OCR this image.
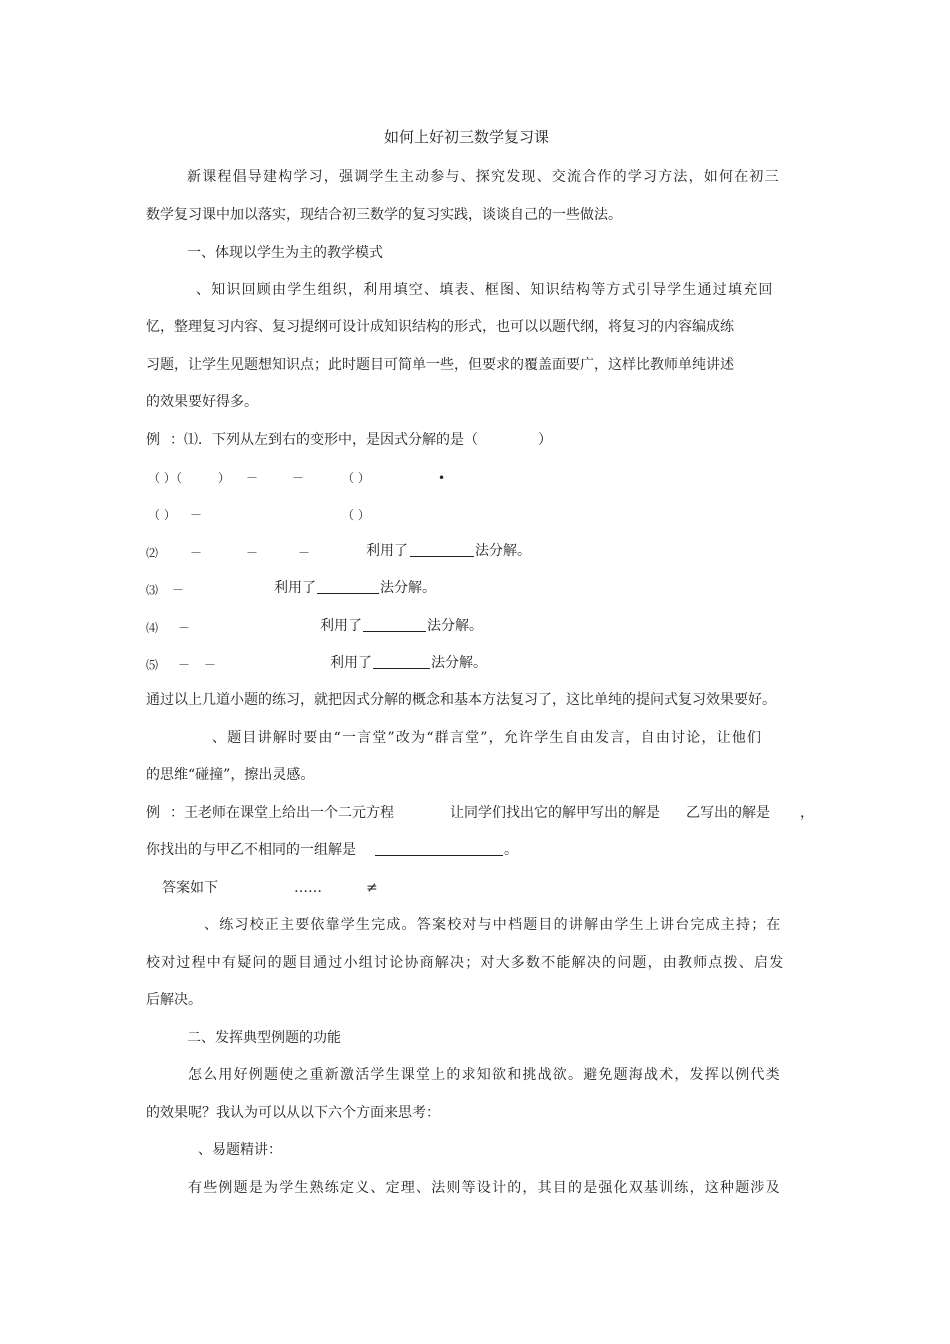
如何上好初三数学复习课
新课程倡导建构学习，强调学生主动参与、探究发现、交流合作的学习方法，如何在初三
数学复习课中加以落实，现结合初三数学的复习实践，谈谈自己的一些做法。
一、体现以学生为主的教学模式
、知识回顾由学生组织，利用填空、填表、框图、知识结构等方式引导学生通过填充回
忆，整理复习内容、复习提纲可设计成知识结构的形式，也可以以题代纲，将复习的内容编成练
习题，让学生见题想知识点；此时题目可简单一些，但要求的覆盖面要广，这样比教师单纯讲述
的效果要好得多。
例 ：⑴．下列从左到右的变形中，是因式分解的是（	）
（ ）（	） －	－	（ ）	•
（ ） －	（ ）
⑵	－	－	－	利用了	法分解。
⑶ －	利用了	法分解。
⑷ －	利用了	法分解。
⑸ － －	利用了	法分解。
通过以上几道小题的练习，就把因式分解的概念和基本方法复习了，这比单纯的提问式复习效果要好。
、题目讲解时要由“一言堂”改为“群言堂”，允许学生自由发言，自由讨论，让他们
的思维“碰撞”，擦出灵感。
例 ：王老师在课堂上给出一个二元方程	让同学们找出它的解甲写出的解是 乙写出的解是 ，
你找出的与甲乙不相同的一组解是	。
答案如下	……	≠
、练习校正主要依靠学生完成。答案校对与中档题目的讲解由学生上讲台完成主持；在
校对过程中有疑问的题目通过小组讨论协商解决；对大多数不能解决的问题，由教师点拨、启发
后解决。
二、发挥典型例题的功能
怎么用好例题使之重新激活学生课堂上的求知欲和挑战欲。避免题海战术，发挥以例代类
的效果呢？我认为可以从以下六个方面来思考：
、易题精讲：
有些例题是为学生熟练定义、定理、法则等设计的，其目的是强化双基训练，这种题涉及
